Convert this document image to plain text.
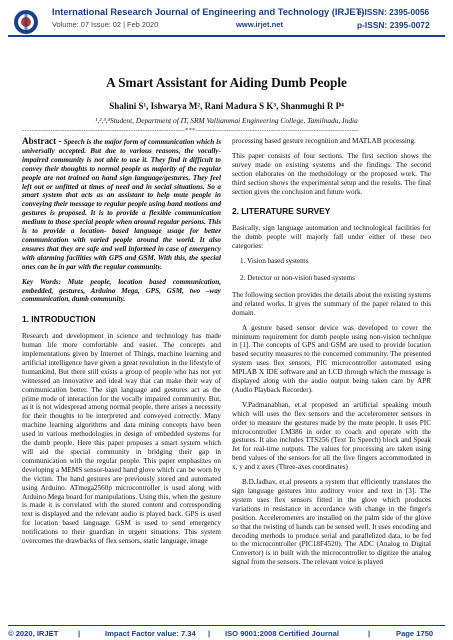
International Research Journal of Engineering and Technology (IRJET)
e-ISSN: 2395-0056
Volume: 07 Issue: 02 | Feb 2020	www.irjet.net	p-ISSN: 2395-0072
A Smart Assistant for Aiding Dumb People
Shalini S¹, Ishwarya M², Rani Madura S K³, Shanmughi R P⁴
¹,²,³,⁴Student, Department of IT, SRM Valliammai Engineering College, Tamilnadu, India
---------------------------------------------------------------------***---------------------------------------------------------------------

Abstract - Speech is the major form of communication which is universally accepted. But due to various reasons, the vocally-impaired community is not able to use it. They find it difficult to convey their thoughts to normal people as majority of the regular people are not trained on hand sign language/gestures. They feel left out or unfitted at times of need and in social situations. So a smart system that acts as an assistant to help mute people in conveying their message to regular people using hand motions and gestures is proposed. It is to provide a flexible communication medium to those special people when around regular persons. This is to provide a location- based language usage for better communication with varied people around the world. It also ensures that they are safe and well informed in case of emergency with alarming facilities with GPS and GSM. With this, the special ones can be in par with the regular community.

Key Words: Mute people, location based communication, embedded, gestures, Arduino Mega, GPS, GSM, two –way communication, dumb community.

1. INTRODUCTION

Research and development in science and technology has made human life more comfortable and easier. The concepts and implementations given by Internet of Things, machine learning and artificial intelligence have given a great revolution in the lifestyle of humankind. But there still exists a group of people who has not yet witnessed an innovative and ideal way that can make their way of communication better. The sign language and gestures act as the prime mode of interaction for the vocally impaired community. But, as it is not widespread among normal people, there arises a necessity for their thoughts to be interpreted and conveyed correctly. Many machine learning algorithms and data mining concepts have been used in various methodologies in design of embedded systems for the dumb people. Here this paper proposes a smart system which will aid the special community in bridging their gap in communication with the regular people. This paper emphasizes on developing a MEMS sensor-based hand glove which can be worn by the victim. The hand gestures are previously stored and automated using Arduino. ATmega2560p microcontroller is used along with Arduino Mega board for manipulations. Using this, when the gesture is made it is correlated with the stored content and corresponding text is displayed and the relevant audio is played back. GPS is used for location based language. GSM is used to send emergency notifications to their guardian in urgent situations. This system overcomes the drawbacks of flex sensors, static language, image

processing based gesture recognition and MATLAB processing.

This paper consists of four sections. The first section shows the survey made on existing systems and the findings. The second section elaborates on the methodology or the proposed work. The third section shows the experimental setup and the results. The final section gives the conclusion and future work.

2. LITERATURE SURVEY

Basically, sign language automation and technological facilities for the dumb people will majorly fall under either of these two categories:

1. Vision based systems

2. Detector or non-vision based systems

The following section provides the details about the existing systems and related works. It gives the summary of the paper related to this domain.

A gesture based sensor device was developed to cover the minimum requirement for dumb people using non-vision technique in [1]. The concepts of GPS and GSM are used to provide location based security measures to the concerned community. The presented system uses flex sensors, PIC microcontroller automated using MPLAB X IDE software and an LCD through which the message is displayed along with the audio output being taken care by APR (Audio Playback Recorder).

V.Padmanabhan, et.al proposed an artificial speaking mouth which will uses the flex sensors and the accelerometer sensors in order to measure the gestures made by the mute people. It uses PIC microcontroller LM386 in order to coach and operate with the gestures. It also includes TTS256 (Text To Speech) block and Speak Jet for real-time outputs. The values for processing are taken using bend values of the sensors for all the five fingers accommodated in x, y and z axes (Three-axes coordinates)

B.D.Jadhav, et.al presents a system that efficiently translates the sign language gestures into auditory voice and text in [3]. The system uses flex sensors fitted in the glove which produces variations in resistance in accordance with change in the finger's position. Accelerometers are installed on the palm side of the glove so that the twisting of hands can be sensed well. It uses encoding and decoding methods to produce serial and parallelized data, to be fed to the microcontroller (PIC18F4520). The ADC (Analog to Digital Convertor) is in built with the microcontroller to digitize the analog signal from the sensors. The relevant voice is played

© 2020, IRJET	|	Impact Factor value: 7.34 | ISO 9001:2008 Certified Journal	|	Page 1750
